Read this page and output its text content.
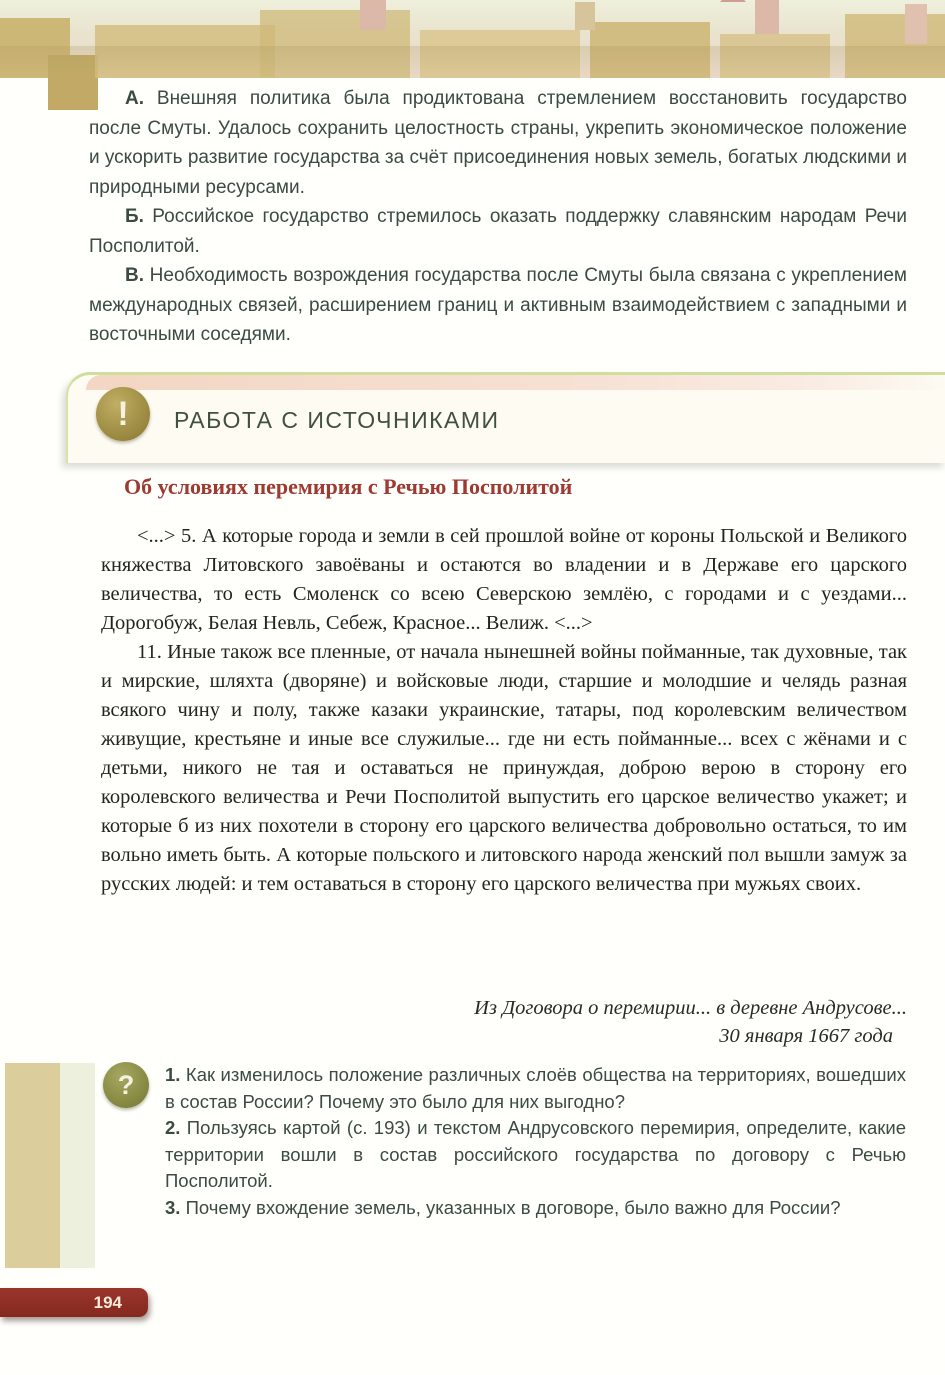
А. Внешняя политика была продиктована стремлением восстановить государство после Смуты. Удалось сохранить целостность страны, укрепить экономическое положение и ускорить развитие государства за счёт присоединения новых земель, богатых людскими и природными ресурсами.

Б. Российское государство стремилось оказать поддержку славянским народам Речи Посполитой.

В. Необходимость возрождения государства после Смуты была связана с укреплением международных связей, расширением границ и активным взаимодействием с западными и восточными соседями.

! РАБОТА С ИСТОЧНИКАМИ
Об условиях перемирия с Речью Посполитой

<...> 5. А которые города и земли в сей прошлой войне от короны Польской и Великого княжества Литовского завоёваны и остаются во владении и в Державе его царского величества, то есть Смоленск со всею Северскою землёю, с городами и с уездами... Дорогобуж, Белая Невль, Себеж, Красное... Велиж. <...>

11. Иные також все пленные, от начала нынешней войны пойманные, так духовные, так и мирские, шляхта (дворяне) и войсковые люди, старшие и молодшие и челядь разная всякого чину и полу, также казаки украинские, татары, под королевским величеством живущие, крестьяне и иные все служилые... где ни есть пойманные... всех с жёнами и с детьми, никого не тая и оставаться не принуждая, доброю верою в сторону его королевского величества и Речи Посполитой выпустить его царское величество укажет; и которые б из них похотели в сторону его царского величества добровольно остаться, то им вольно иметь быть. А которые польского и литовского народа женский пол вышли замуж за русских людей: и тем оставаться в сторону его царского величества при мужьях своих.

Из Договора о перемирии... в деревне Андрусове...
30 января 1667 года
? 1. Как изменилось положение различных слоёв общества на территориях, вошедших в состав России? Почему это было для них выгодно?

2. Пользуясь картой (с. 193) и текстом Андрусовского перемирия, определите, какие территории вошли в состав российского государства по договору с Речью Посполитой.

3. Почему вхождение земель, указанных в договоре, было важно для России?

194
